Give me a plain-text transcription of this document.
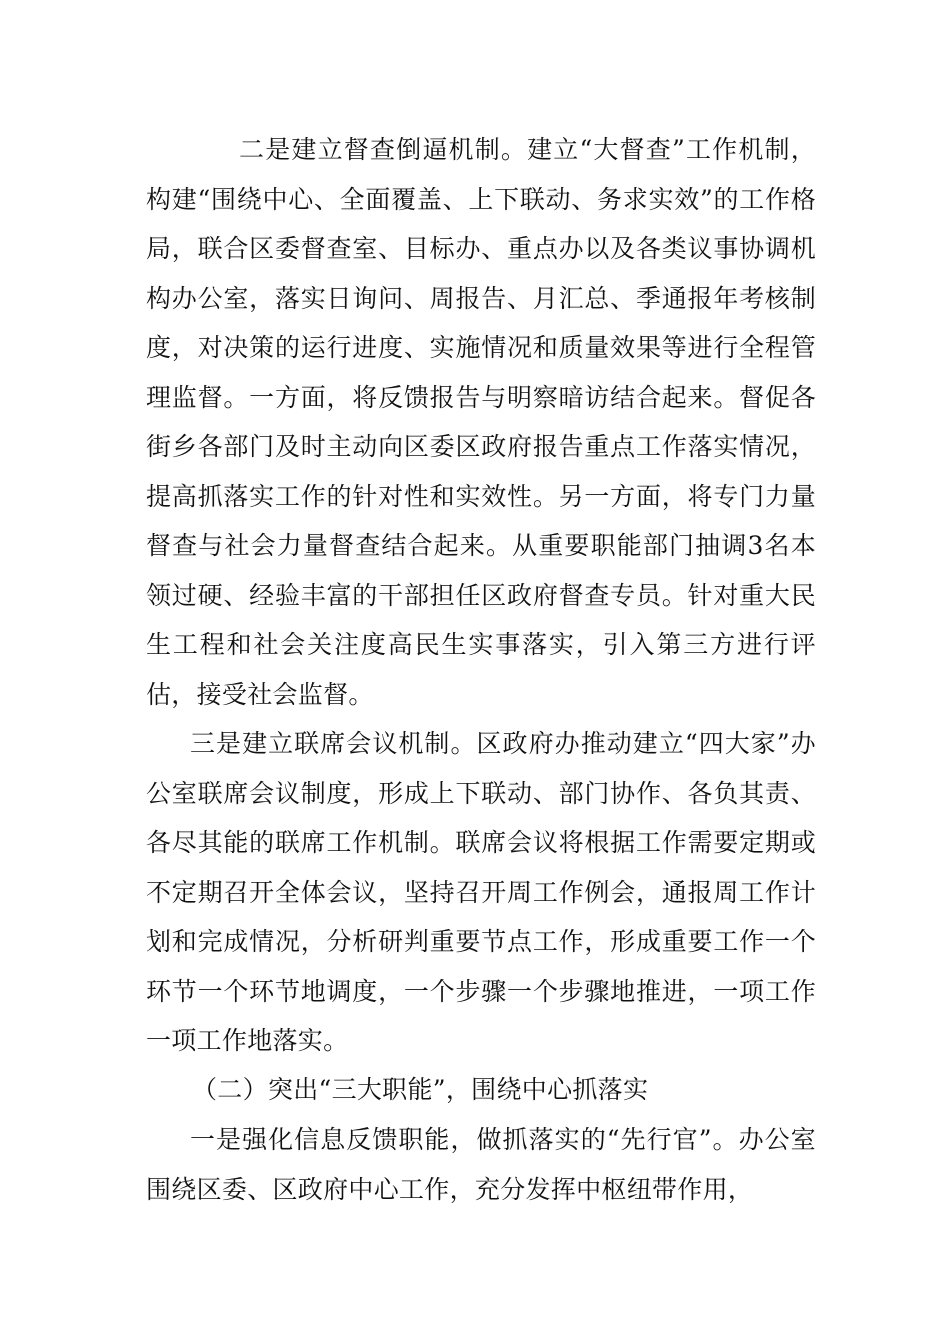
二是建立督查倒逼机制。建立“大督查”工作机制，构建“围绕中心、全面覆盖、上下联动、务求实效”的工作格局，联合区委督查室、目标办、重点办以及各类议事协调机构办公室，落实日询问、周报告、月汇总、季通报年考核制度，对决策的运行进度、实施情况和质量效果等进行全程管理监督。一方面，将反馈报告与明察暗访结合起来。督促各街乡各部门及时主动向区委区政府报告重点工作落实情况，提高抓落实工作的针对性和实效性。另一方面，将专门力量督查与社会力量督查结合起来。从重要职能部门抽调3名本领过硬、经验丰富的干部担任区政府督查专员。针对重大民生工程和社会关注度高民生实事落实，引入第三方进行评估，接受社会监督。

三是建立联席会议机制。区政府办推动建立“四大家”办公室联席会议制度，形成上下联动、部门协作、各负其责、各尽其能的联席工作机制。联席会议将根据工作需要定期或不定期召开全体会议，坚持召开周工作例会，通报周工作计划和完成情况，分析研判重要节点工作，形成重要工作一个环节一个环节地调度，一个步骤一个步骤地推进，一项工作一项工作地落实。

（二）突出“三大职能”，围绕中心抓落实

一是强化信息反馈职能，做抓落实的“先行官”。办公室围绕区委、区政府中心工作，充分发挥中枢纽带作用，
